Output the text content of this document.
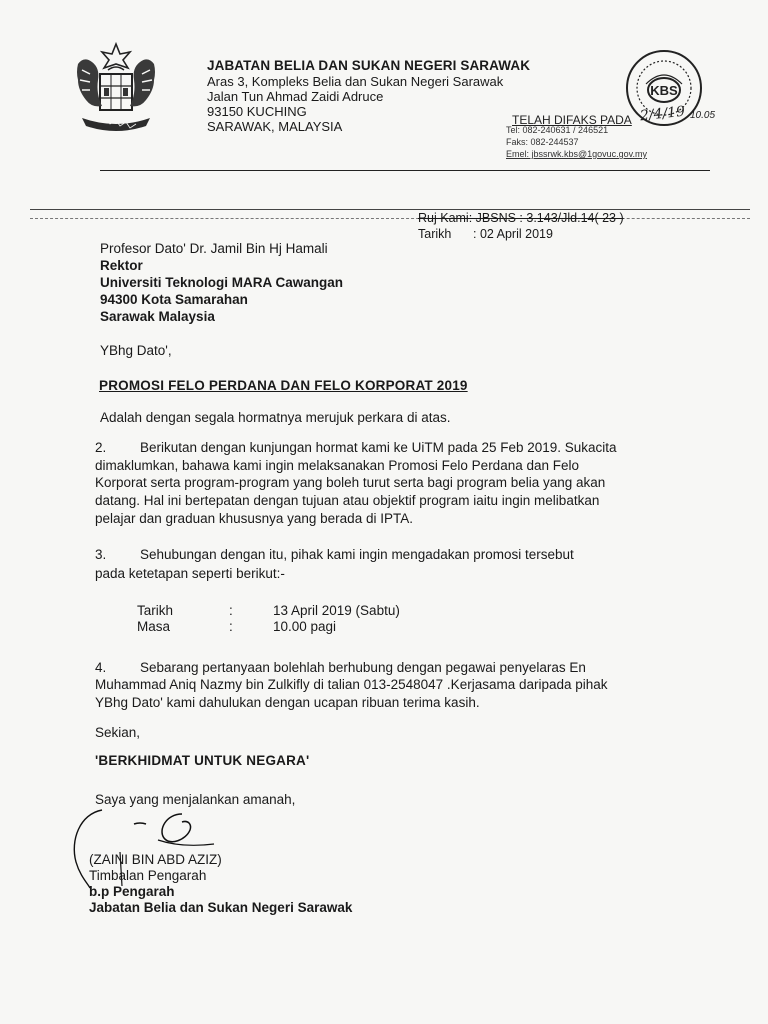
JABATAN BELIA DAN SUKAN NEGERI SARAWAK
Aras 3, Kompleks Belia dan Sukan Negeri Sarawak
Jalan Tun Ahmad Zaidi Adruce
93150 KUCHING
SARAWAK, MALAYSIA	TELAH DIFAKS PADA 2/4/19 10.05
Tel: 082-240631 / 246521
Faks: 082-244537
Emel: jbssrwk.kbs@1govuc.gov.my
KBS
Ruj Kami: JBSNS : 3.143/Jld.14( 23 )
Tarikh : 02 April 2019
Profesor Dato' Dr. Jamil Bin Hj Hamali
Rektor
Universiti Teknologi MARA Cawangan
94300 Kota Samarahan
Sarawak Malaysia
YBhg Dato',
PROMOSI FELO PERDANA DAN FELO KORPORAT 2019
Adalah dengan segala hormatnya merujuk perkara di atas.
2. Berikutan dengan kunjungan hormat kami ke UiTM pada 25 Feb 2019. Sukacita
dimaklumkan, bahawa kami ingin melaksanakan Promosi Felo Perdana dan Felo
Korporat serta program-program yang boleh turut serta bagi program belia yang akan
datang. Hal ini bertepatan dengan tujuan atau objektif program iaitu ingin melibatkan
pelajar dan graduan khususnya yang berada di IPTA.
3. Sehubungan dengan itu, pihak kami ingin mengadakan promosi tersebut
pada ketetapan seperti berikut:-
Tarikh	:	13 April 2019 (Sabtu)
Masa	:	10.00 pagi
4. Sebarang pertanyaan bolehlah berhubung dengan pegawai penyelaras En
Muhammad Aniq Nazmy bin Zulkifly di talian 013-2548047 .Kerjasama daripada pihak
YBhg Dato' kami dahulukan dengan ucapan ribuan terima kasih.
Sekian,
'BERKHIDMAT UNTUK NEGARA'
Saya yang menjalankan amanah,
(ZAINI BIN ABD AZIZ)
Timbalan Pengarah
b.p Pengarah
Jabatan Belia dan Sukan Negeri Sarawak
